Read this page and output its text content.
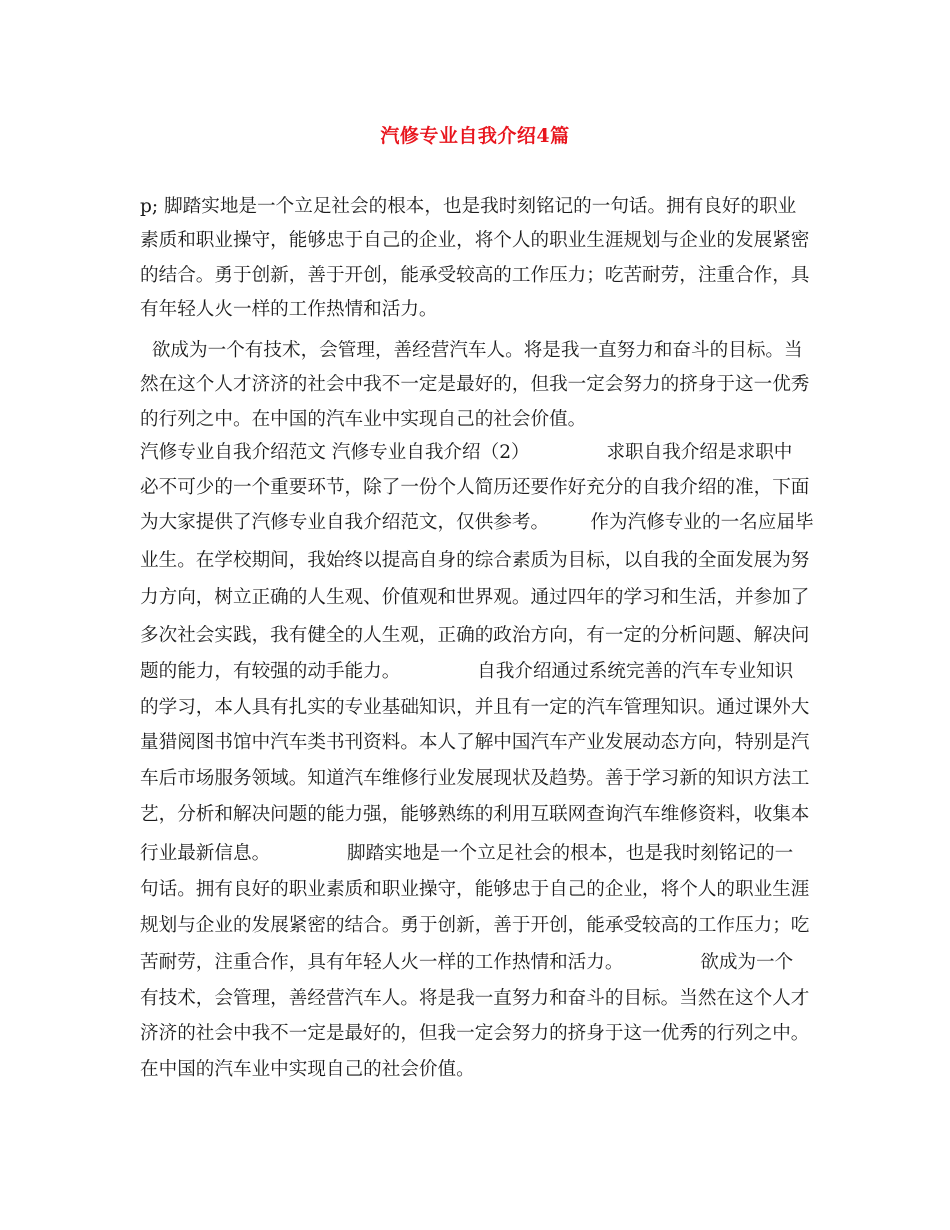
汽修专业自我介绍4篇
p; 脚踏实地是一个立足社会的根本，也是我时刻铭记的一句话。拥有良好的职业
素质和职业操守，能够忠于自己的企业，将个人的职业生涯规划与企业的发展紧密
的结合。勇于创新，善于开创，能承受较高的工作压力；吃苦耐劳，注重合作，具
有年轻人火一样的工作热情和活力。
欲成为一个有技术，会管理，善经营汽车人。将是我一直努力和奋斗的目标。当
然在这个人才济济的社会中我不一定是最好的，但我一定会努力的挤身于这一优秀
的行列之中。在中国的汽车业中实现自己的社会价值。
汽修专业自我介绍范文 汽修专业自我介绍（2）             求职自我介绍是求职中
必不可少的一个重要环节，除了一份个人简历还要作好充分的自我介绍的准，下面
为大家提供了汽修专业自我介绍范文，仅供参考。       作为汽修专业的一名应届毕
业生。在学校期间，我始终以提高自身的综合素质为目标，以自我的全面发展为努
力方向，树立正确的人生观、价值观和世界观。通过四年的学习和生活，并参加了
多次社会实践，我有健全的人生观，正确的政治方向，有一定的分析问题、解决问
题的能力，有较强的动手能力。             自我介绍通过系统完善的汽车专业知识
的学习，本人具有扎实的专业基础知识，并且有一定的汽车管理知识。通过课外大
量猎阅图书馆中汽车类书刊资料。本人了解中国汽车产业发展动态方向，特别是汽
车后市场服务领域。知道汽车维修行业发展现状及趋势。善于学习新的知识方法工
艺，分析和解决问题的能力强，能够熟练的利用互联网查询汽车维修资料，收集本
行业最新信息。             脚踏实地是一个立足社会的根本，也是我时刻铭记的一
句话。拥有良好的职业素质和职业操守，能够忠于自己的企业，将个人的职业生涯
规划与企业的发展紧密的结合。勇于创新，善于开创，能承受较高的工作压力；吃
苦耐劳，注重合作，具有年轻人火一样的工作热情和活力。             欲成为一个
有技术，会管理，善经营汽车人。将是我一直努力和奋斗的目标。当然在这个人才
济济的社会中我不一定是最好的，但我一定会努力的挤身于这一优秀的行列之中。
在中国的汽车业中实现自己的社会价值。
